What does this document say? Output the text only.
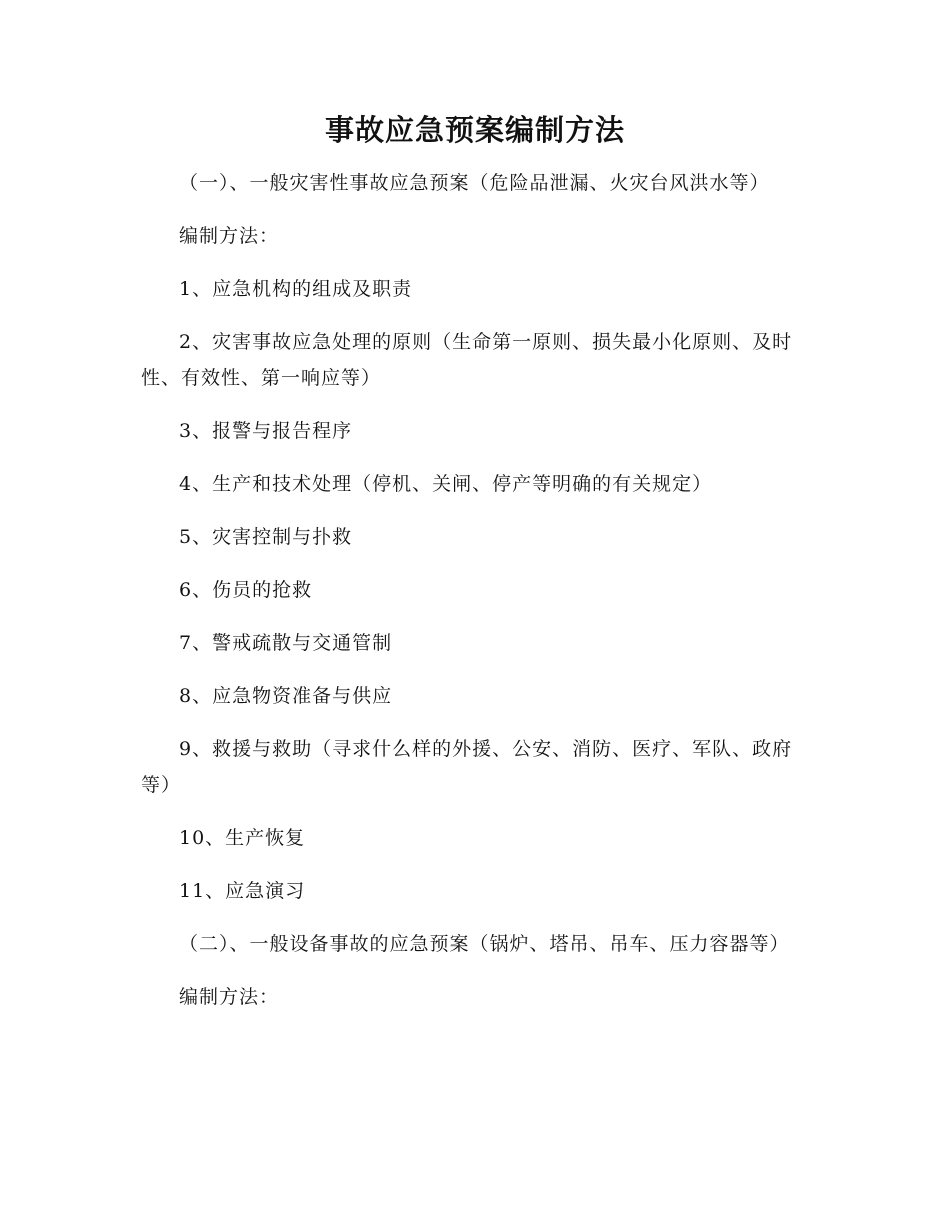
事故应急预案编制方法

（一）、一般灾害性事故应急预案（危险品泄漏、火灾台风洪水等）

编制方法：

1、应急机构的组成及职责

2、灾害事故应急处理的原则（生命第一原则、损失最小化原则、及时性、有效性、第一响应等）

3、报警与报告程序

4、生产和技术处理（停机、关闸、停产等明确的有关规定）

5、灾害控制与扑救

6、伤员的抢救

7、警戒疏散与交通管制

8、应急物资准备与供应

9、救援与救助（寻求什么样的外援、公安、消防、医疗、军队、政府等）

10、生产恢复

11、应急演习

（二）、一般设备事故的应急预案（锅炉、塔吊、吊车、压力容器等）

编制方法：
